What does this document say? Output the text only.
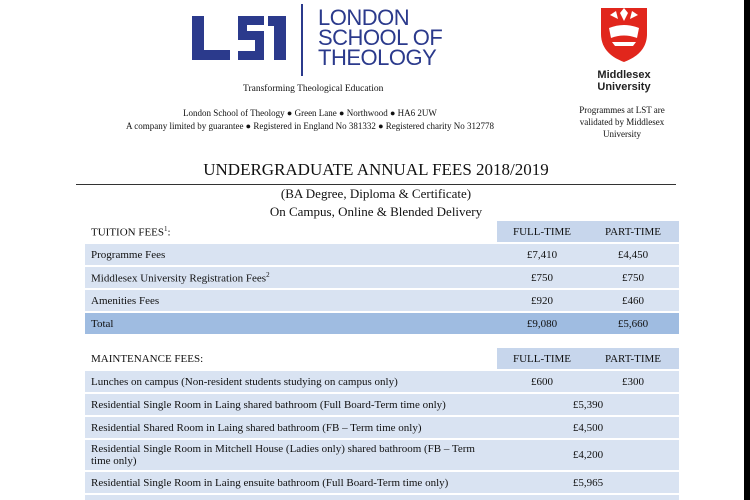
LONDON
SCHOOL OF
THEOLOGY
Transforming Theological Education
London School of Theology ● Green Lane ● Northwood ● HA6 2UW
A company limited by guarantee ● Registered in England No 381332 ● Registered charity No 312778
Middlesex
University
Programmes at LST are validated by Middlesex University
UNDERGRADUATE ANNUAL FEES 2018/2019
(BA Degree, Diploma & Certificate)
On Campus, Online & Blended Delivery
TUITION FEES$^1$:	FULL-TIME	PART-TIME
Programme Fees	£7,410	£4,450
Middlesex University Registration Fees$^2$	£750	£750
Amenities Fees	£920	£460
Total	£9,080	£5,660
MAINTENANCE FEES:	FULL-TIME	PART-TIME
Lunches on campus (Non-resident students studying on campus only)	£600	£300
Residential Single Room in Laing shared bathroom (Full Board-Term time only)	£5,390	
Residential Shared Room in Laing shared bathroom (FB – Term time only)	£4,500	
Residential Single Room in Mitchell House (Ladies only) shared bathroom (FB – Term time only)	£4,200	
Residential Single Room in Laing ensuite bathroom (Full Board-Term time only)	£5,965	
